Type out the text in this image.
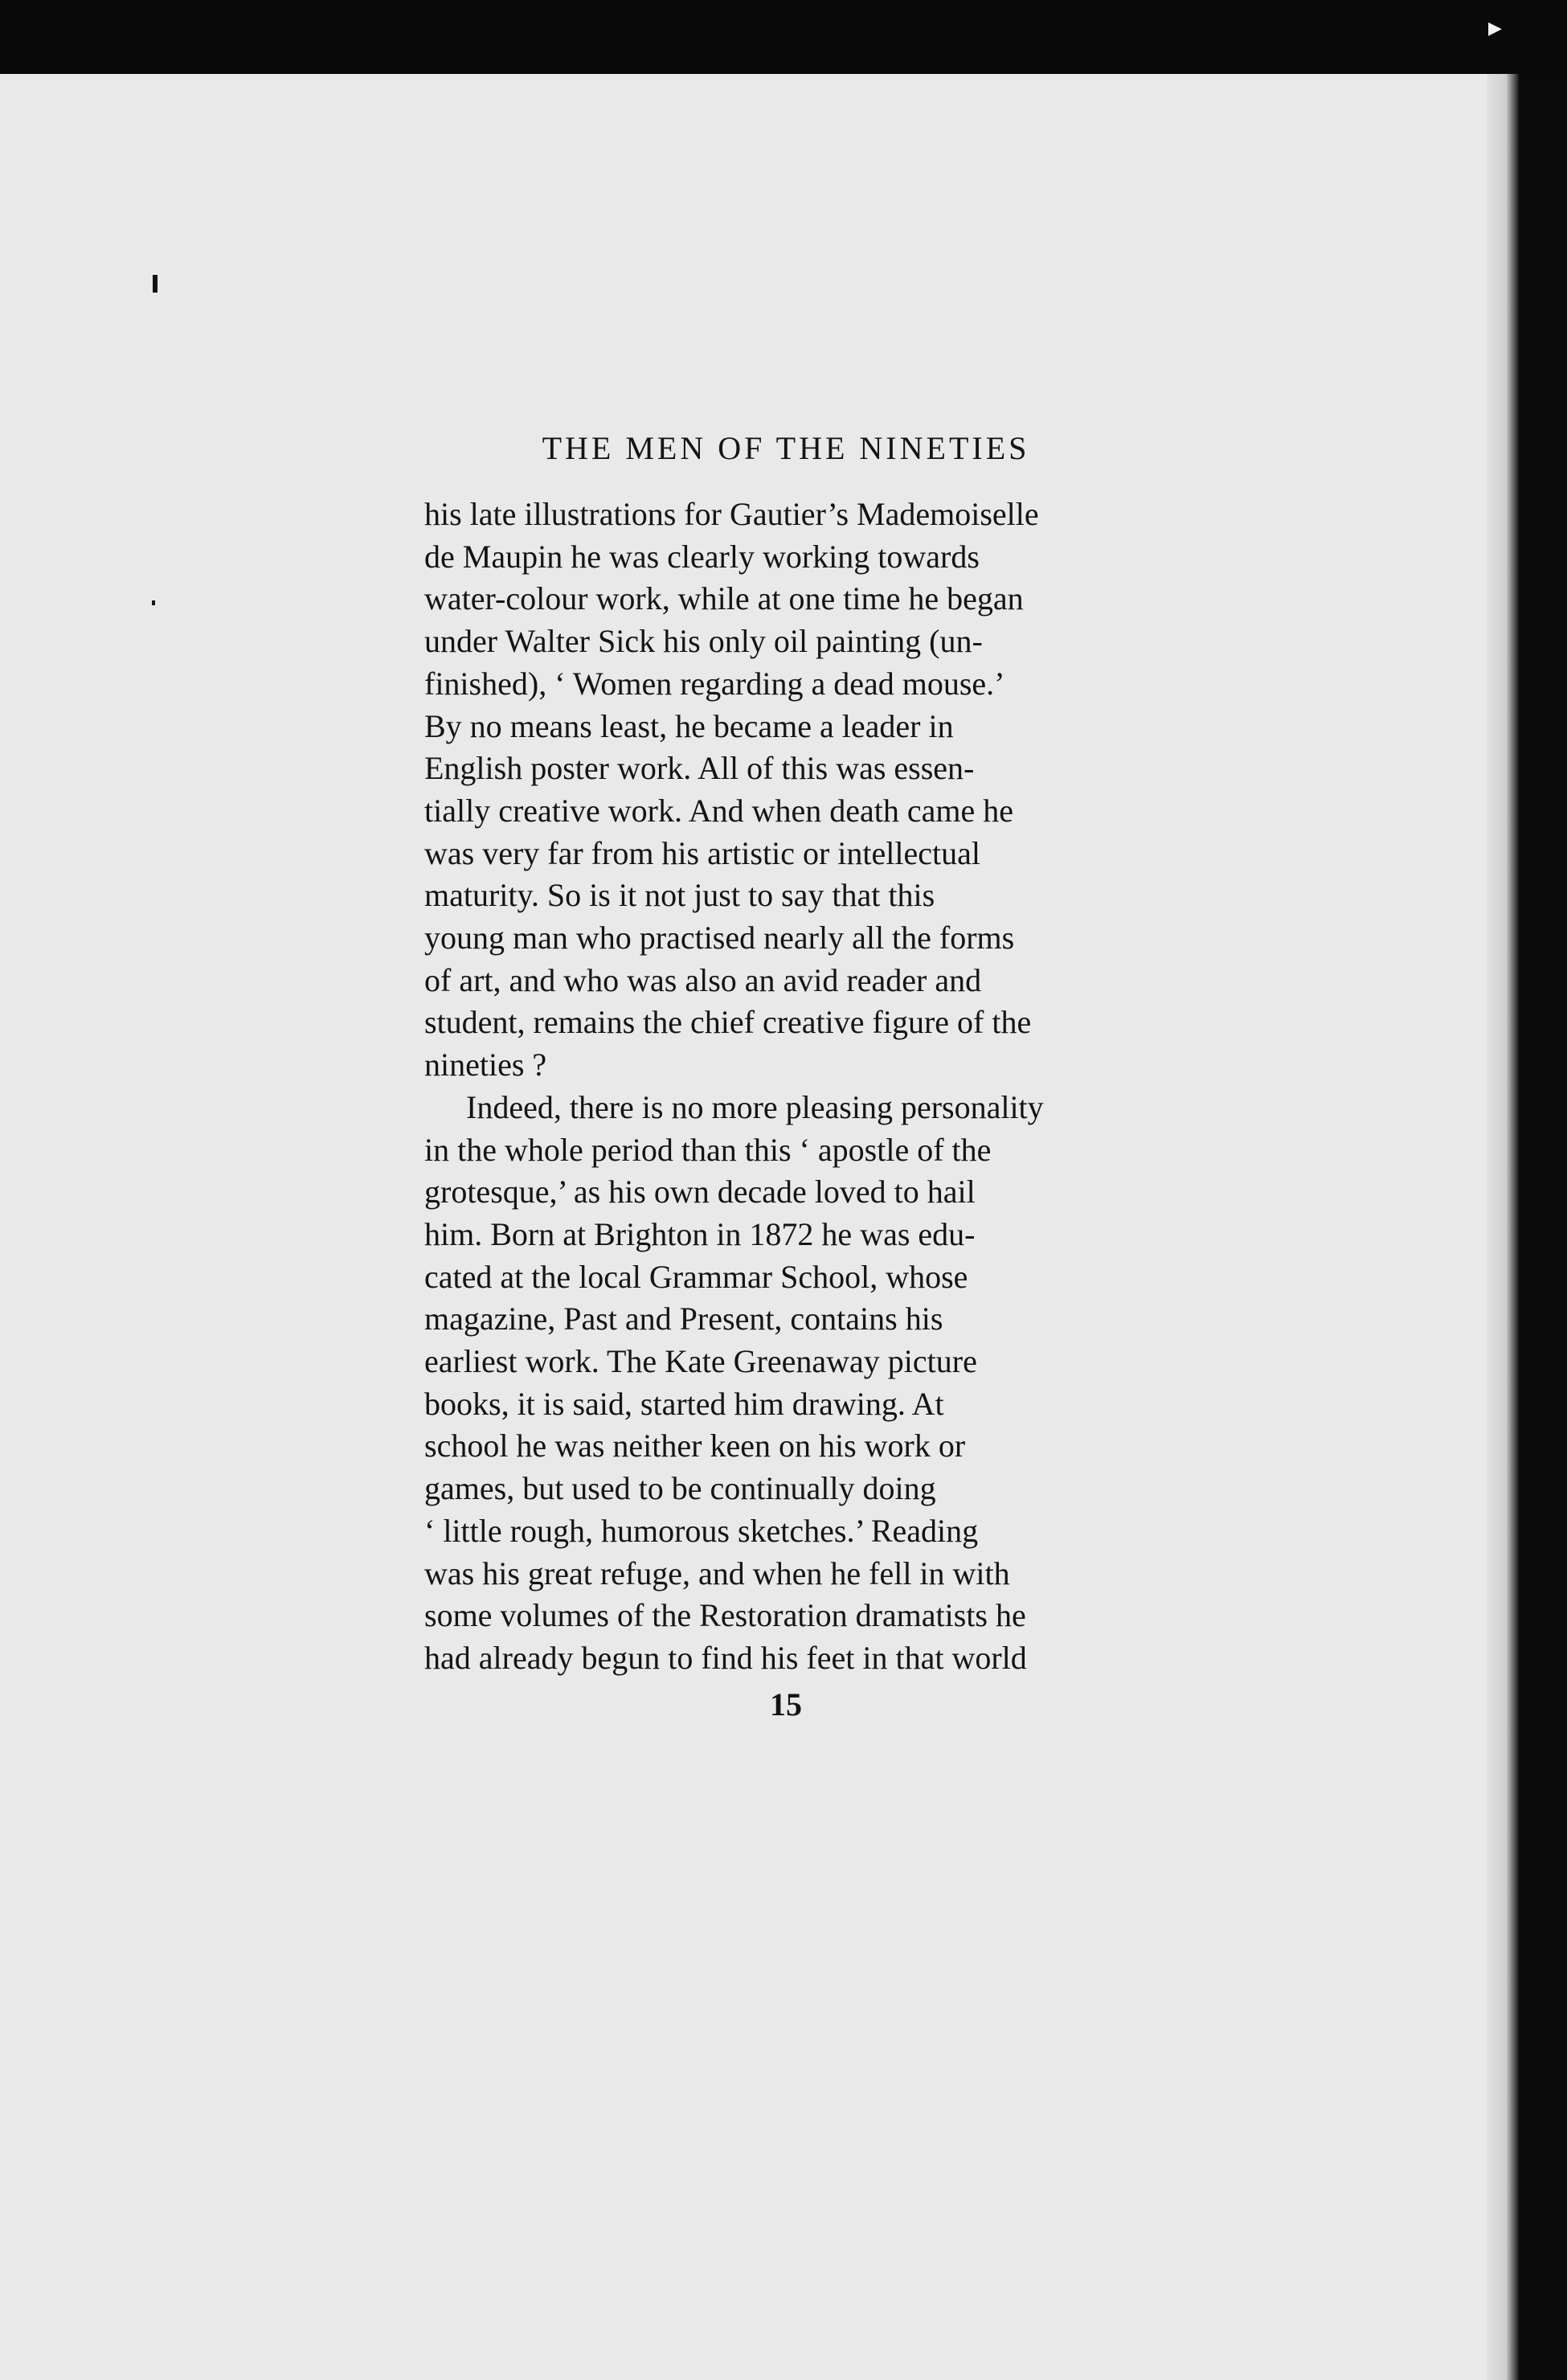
▶
THE MEN OF THE NINETIES

his late illustrations for Gautier’s Mademoiselle
de Maupin he was clearly working towards
water-colour work, while at one time he began
under Walter Sick his only oil painting (un-
finished), ‘ Women regarding a dead mouse.’
By no means least, he became a leader in
English poster work. All of this was essen-
tially creative work. And when death came he
was very far from his artistic or intellectual
maturity. So is it not just to say that this
young man who practised nearly all the forms
of art, and who was also an avid reader and
student, remains the chief creative figure of the
nineties ?

Indeed, there is no more pleasing personality
in the whole period than this ‘ apostle of the
grotesque,’ as his own decade loved to hail
him. Born at Brighton in 1872 he was edu-
cated at the local Grammar School, whose
magazine, Past and Present, contains his
earliest work. The Kate Greenaway picture
books, it is said, started him drawing. At
school he was neither keen on his work or
games, but used to be continually doing
‘ little rough, humorous sketches.’ Reading
was his great refuge, and when he fell in with
some volumes of the Restoration dramatists he
had already begun to find his feet in that world

15
